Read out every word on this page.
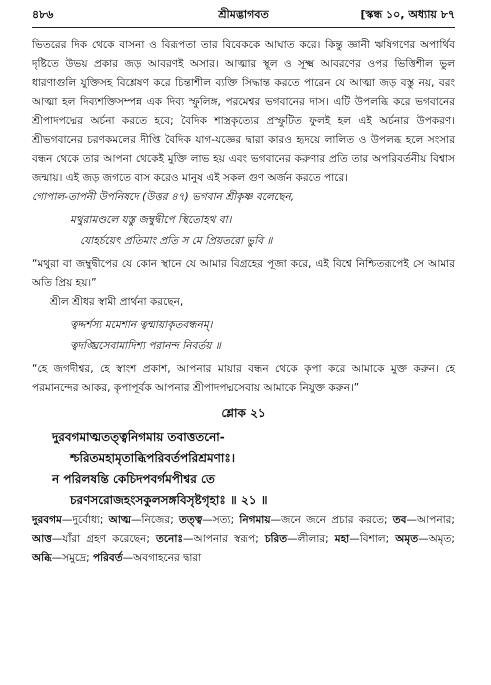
৪৮৬	শ্রীমদ্ভাগবত	[স্কন্ধ ১০, অধ্যায় ৮৭

ভিতরের দিক থেকে বাসনা ও বিরূপতা তার বিবেককে আঘাত করে। কিন্তু জ্ঞানী ঋষিগণের অপার্থিব দৃষ্টিতে উভয় প্রকার জড় আবরণই অসার। আত্মার স্থূল ও সূক্ষ্ম আবরণের ওপর ভিত্তিশীল ভুল ধারণাগুলি যুক্তিসহ বিশ্লেষণ করে চিন্তাশীল ব্যক্তি সিদ্ধান্ত করতে পারেন যে আত্মা জড় বস্তু নয়, বরং আত্মা হল দিব্যশক্তিসম্পন্ন এক দিব্য স্ফুলিঙ্গ, পরমেশ্বর ভগবানের দাস। এটি উপলব্ধি করে ভগবানের শ্রীপাদপদ্মের অর্চনা করতে হবে; বৈদিক শাস্ত্রকৃত্যের প্রস্ফুটিত ফুলই হল এই অর্চনার উপকরণ। শ্রীভগবানের চরণকমলের দীপ্তি বৈদিক যাগ-যজ্ঞের দ্বারা কারও হৃদয়ে লালিত ও উপলব্ধ হলে সংসার বন্ধন থেকে তার আপনা থেকেই মুক্তি লাভ হয় এবং ভগবানের করুণার প্রতি তার অপরিবর্তনীয় বিশ্বাস জন্মায়। এই জড় জগতে বাস করেও মানুষ এই সকল গুণ অর্জন করতে পারে।

গোপাল-তাপনী উপনিষদে (উত্তর ৪৭) ভগবান শ্রীকৃষ্ণ বলেছেন,

মথুরামণ্ডলে যস্তু জম্বুদ্বীপে স্থিতোহথ বা।
যোহর্চয়েৎ প্রতিমাং প্রতি স মে প্রিয়তরো ভুবি ॥

“মথুরা বা জম্বুদ্বীপের যে কোন স্থানে যে আমার বিগ্রহের পূজা করে, এই বিশ্বে নিশ্চিতরূপেই সে আমার অতি প্রিয় হয়।”

শ্রীল শ্রীধর স্বামী প্রার্থনা করছেন,

ত্বদ্দর্শস্য মমেশান ত্বন্মায়াকৃতবন্ধনম্।
ত্বদঙ্ঘ্রিসেবামাদিশ্য পরানন্দ নিবর্তয় ॥

“হে জগদীশ্বর, হে স্বাংশ প্রকাশ, আপনার মায়ার বন্ধন থেকে কৃপা করে আমাকে মুক্ত করুন। হে পরমানন্দের আকর, কৃপাপূর্বক আপনার শ্রীপাদপদ্মসেবায় আমাকে নিযুক্ত করুন।”

শ্লোক ২১
দুরবগমাত্মতত্ত্বনিগমায় তবাত্ততনো-
শ্চরিতমহামৃতাব্ধিপরিবর্তপরিশ্রমণাঃ।
ন পরিলষন্তি কেচিদপবর্গমপীশ্বর তে
চরণসরোজহংসকুলসঙ্গবিসৃষ্টগৃহাঃ ॥ ২১ ॥

দুরবগম—দুর্বোধ্য; আত্ম—নিজের; তত্ত্ব—সত্য; নিগমায়—জনে জনে প্রচার করতে; তব—আপনার; আত্ত—যাঁরা গ্রহণ করেছেন; তনোঃ—আপনার স্বরূপ; চরিত—লীলার; মহা—বিশাল; অমৃত—অমৃত; অব্ধি—সমুদ্রে; পরিবর্ত—অবগাহনের দ্বারা
